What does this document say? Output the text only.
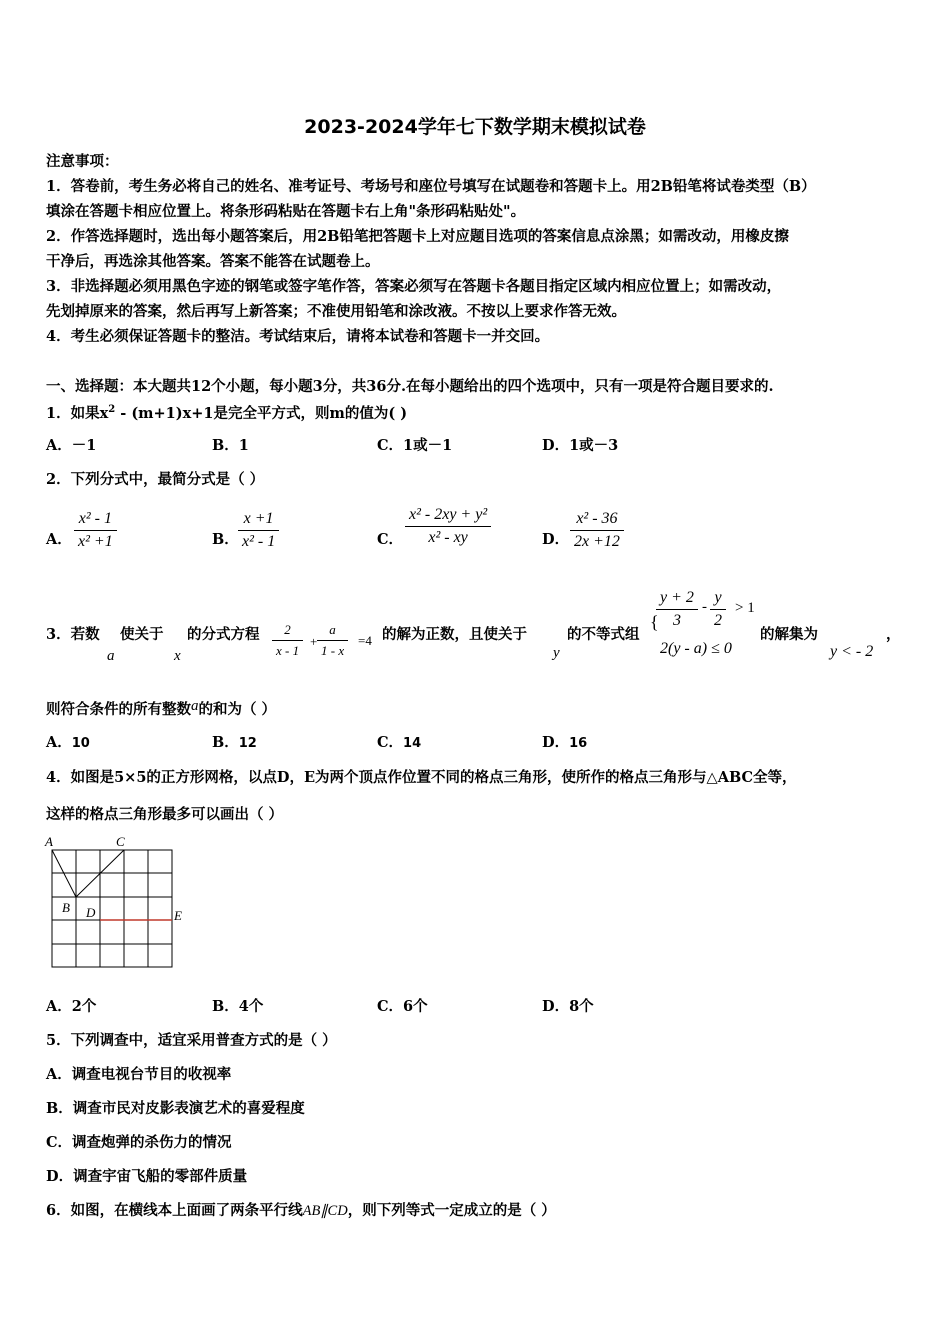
2023-2024学年七下数学期末模拟试卷
注意事项：
1．答卷前，考生务必将自己的姓名、准考证号、考场号和座位号填写在试题卷和答题卡上。用2B铅笔将试卷类型（B）
填涂在答题卡相应位置上。将条形码粘贴在答题卡右上角"条形码粘贴处"。
2．作答选择题时，选出每小题答案后，用2B铅笔把答题卡上对应题目选项的答案信息点涂黑；如需改动，用橡皮擦
干净后，再选涂其他答案。答案不能答在试题卷上。
3．非选择题必须用黑色字迹的钢笔或签字笔作答，答案必须写在答题卡各题目指定区域内相应位置上；如需改动，
先划掉原来的答案，然后再写上新答案；不准使用铅笔和涂改液。不按以上要求作答无效。
4．考生必须保证答题卡的整洁。考试结束后，请将本试卷和答题卡一并交回。
一、选择题：本大题共12个小题，每小题3分，共36分.在每小题给出的四个选项中，只有一项是符合题目要求的.
1．如果$x^2 - (m+1)x+1$是完全平方式，则m的值为( )
A．－1	B．1	C．1或－1	D．1或－3
2．下列分式中，最简分式是（ ）
A． $\frac{\text{x² - 1}}{\text{x² +1}}$	B． $\frac{x +1}{\text{x² - 1}}$	C． $\frac{\text{x² - 2xy + y²}}{\text{x² - xy}}$	D． $\frac{\text{x² - 36}}{2x +12}$
3．若数
a
使关于
x
的分式方程 $\frac{2}{x - 1} + \frac{a}{1 - x} =4$ 的解为正数，且使关于
y
的不等式组
{
$\frac{y + 2}{3} - \frac{y}{2} > 1$
2(y - a) ≤ 0
的解集为
y < - 2
，
则符合条件的所有整数a的和为（ ）
A．10	B．12	C．14	D．16
4．如图是5×5的正方形网格，以点D，E为两个顶点作位置不同的格点三角形，使所作的格点三角形与△ABC全等，
这样的格点三角形最多可以画出（ ）
A	C
B D	E
A．2个	B．4个	C．6个	D．8个
5．下列调查中，适宜采用普查方式的是（ ）
A．调查电视台节目的收视率
B．调查市民对皮影表演艺术的喜爱程度
C．调查炮弹的杀伤力的情况
D．调查宇宙飞船的零部件质量
6．如图，在横线本上面画了两条平行线AB∥CD，则下列等式一定成立的是（ ）
